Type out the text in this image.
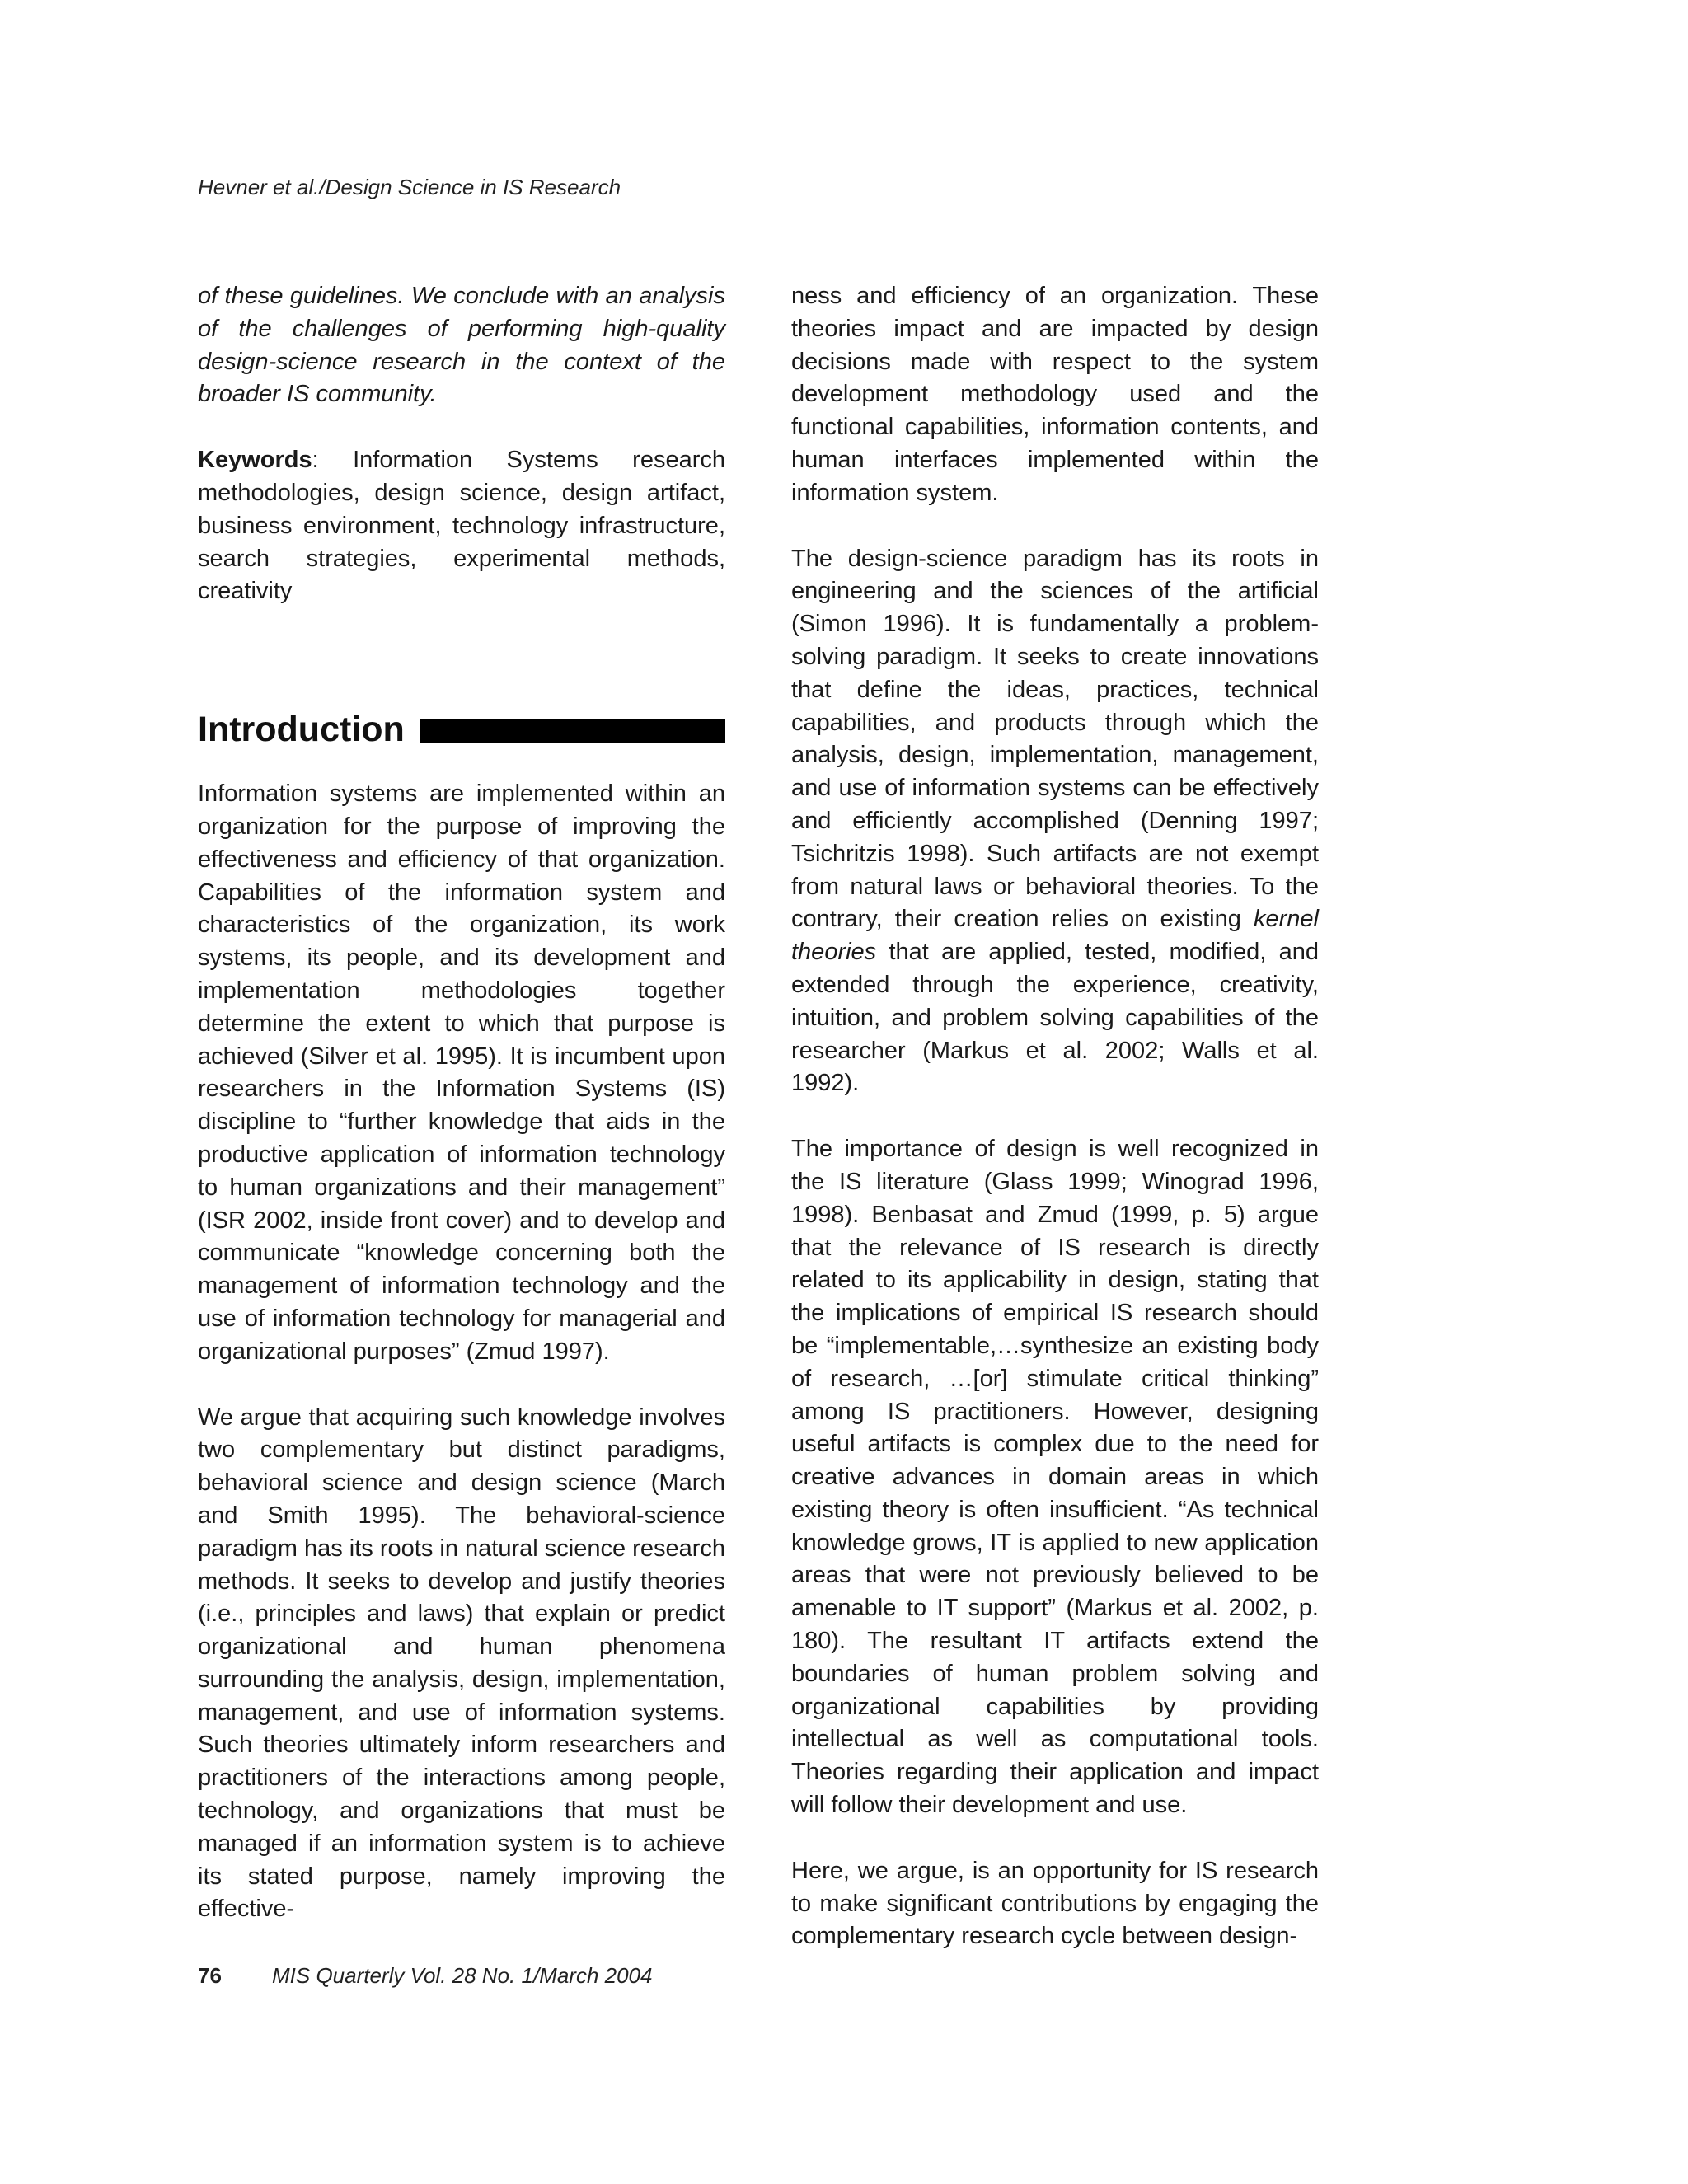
Hevner et al./Design Science in IS Research

of these guidelines. We conclude with an analysis of the challenges of performing high-quality design-science research in the context of the broader IS community.

Keywords: Information Systems research methodologies, design science, design artifact, business environment, technology infrastructure, search strategies, experimental methods, creativity

Introduction

Information systems are implemented within an organization for the purpose of improving the effectiveness and efficiency of that organization. Capabilities of the information system and characteristics of the organization, its work systems, its people, and its development and implementation methodologies together determine the extent to which that purpose is achieved (Silver et al. 1995). It is incumbent upon researchers in the Information Systems (IS) discipline to “further knowledge that aids in the productive application of information technology to human organizations and their management” (ISR 2002, inside front cover) and to develop and communicate “knowledge concerning both the management of information technology and the use of information technology for managerial and organizational purposes” (Zmud 1997).

We argue that acquiring such knowledge involves two complementary but distinct paradigms, behavioral science and design science (March and Smith 1995). The behavioral-science paradigm has its roots in natural science research methods. It seeks to develop and justify theories (i.e., principles and laws) that explain or predict organizational and human phenomena surrounding the analysis, design, implementation, management, and use of information systems. Such theories ultimately inform researchers and practitioners of the interactions among people, technology, and organizations that must be managed if an information system is to achieve its stated purpose, namely improving the effective-

ness and efficiency of an organization. These theories impact and are impacted by design decisions made with respect to the system development methodology used and the functional capabilities, information contents, and human interfaces implemented within the information system.

The design-science paradigm has its roots in engineering and the sciences of the artificial (Simon 1996). It is fundamentally a problem-solving paradigm. It seeks to create innovations that define the ideas, practices, technical capabilities, and products through which the analysis, design, implementation, management, and use of information systems can be effectively and efficiently accomplished (Denning 1997; Tsichritzis 1998). Such artifacts are not exempt from natural laws or behavioral theories. To the contrary, their creation relies on existing kernel theories that are applied, tested, modified, and extended through the experience, creativity, intuition, and problem solving capabilities of the researcher (Markus et al. 2002; Walls et al. 1992).

The importance of design is well recognized in the IS literature (Glass 1999; Winograd 1996, 1998). Benbasat and Zmud (1999, p. 5) argue that the relevance of IS research is directly related to its applicability in design, stating that the implications of empirical IS research should be “implementable,…synthesize an existing body of research, …[or] stimulate critical thinking” among IS practitioners. However, designing useful artifacts is complex due to the need for creative advances in domain areas in which existing theory is often insufficient. “As technical knowledge grows, IT is applied to new application areas that were not previously believed to be amenable to IT support” (Markus et al. 2002, p. 180). The resultant IT artifacts extend the boundaries of human problem solving and organizational capabilities by providing intellectual as well as computational tools. Theories regarding their application and impact will follow their development and use.

Here, we argue, is an opportunity for IS research to make significant contributions by engaging the complementary research cycle between design-

76 MIS Quarterly Vol. 28 No. 1/March 2004
